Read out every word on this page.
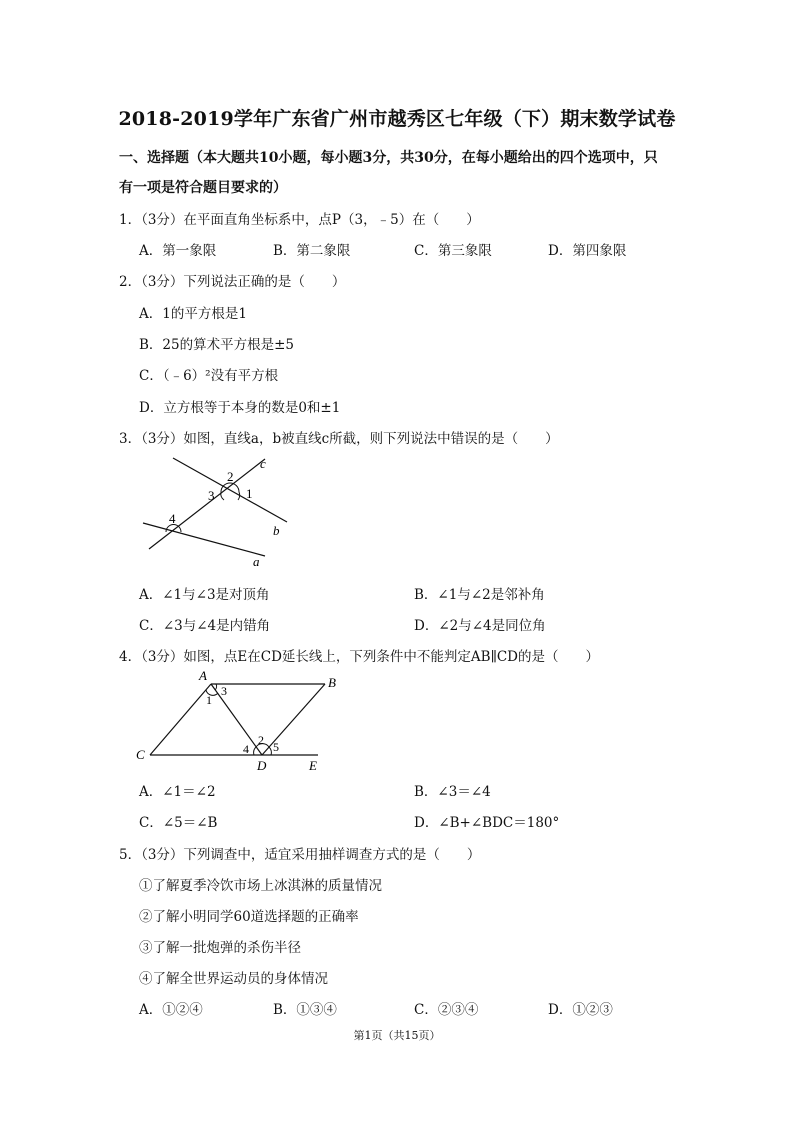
2018-2019学年广东省广州市越秀区七年级（下）期末数学试卷
一、选择题（本大题共10小题，每小题3分，共30分，在每小题给出的四个选项中，只
有一项是符合题目要求的）
1．（3分）在平面直角坐标系中，点P（3，﹣5）在（　　）
A．第一象限	B．第二象限	C．第三象限	D．第四象限
2．（3分）下列说法正确的是（　　）
A．1的平方根是1
B．25的算术平方根是±5
C．（﹣6）²没有平方根
D．立方根等于本身的数是0和±1
3．（3分）如图，直线a，b被直线c所截，则下列说法中错误的是（　　）
2
c
3 1
4
b
a
A．∠1与∠3是对顶角	B．∠1与∠2是邻补角
C．∠3与∠4是内错角	D．∠2与∠4是同位角
4．（3分）如图，点E在CD延长线上，下列条件中不能判定AB∥CD的是（　　）
A
3
1
B
2
4 5
C
D	E
A．∠1＝∠2	B．∠3＝∠4
C．∠5＝∠B	D．∠B+∠BDC＝180°
5．（3分）下列调查中，适宜采用抽样调查方式的是（　　）
①了解夏季冷饮市场上冰淇淋的质量情况
②了解小明同学60道选择题的正确率
③了解一批炮弹的杀伤半径
④了解全世界运动员的身体情况
A．①②④	B．①③④	C．②③④	D．①②③
第1页（共15页）
